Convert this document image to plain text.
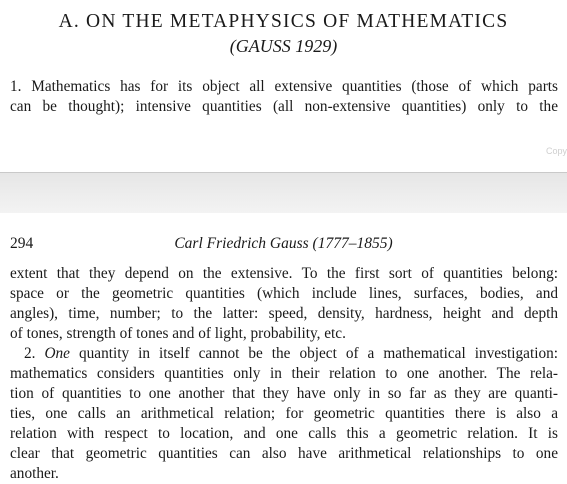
A. ON THE METAPHYSICS OF MATHEMATICS
(GAUSS 1929)
1. Mathematics has for its object all extensive quantities (those of which parts
can be thought); intensive quantities (all non-extensive quantities) only to the
Copy
294	Carl Friedrich Gauss (1777–1855)
extent that they depend on the extensive. To the first sort of quantities belong:
space or the geometric quantities (which include lines, surfaces, bodies, and
angles), time, number; to the latter: speed, density, hardness, height and depth
of tones, strength of tones and of light, probability, etc.
2. One quantity in itself cannot be the object of a mathematical investigation:
mathematics considers quantities only in their relation to one another. The rela-
tion of quantities to one another that they have only in so far as they are quanti-
ties, one calls an arithmetical relation; for geometric quantities there is also a
relation with respect to location, and one calls this a geometric relation. It is
clear that geometric quantities can also have arithmetical relationships to one
another.
